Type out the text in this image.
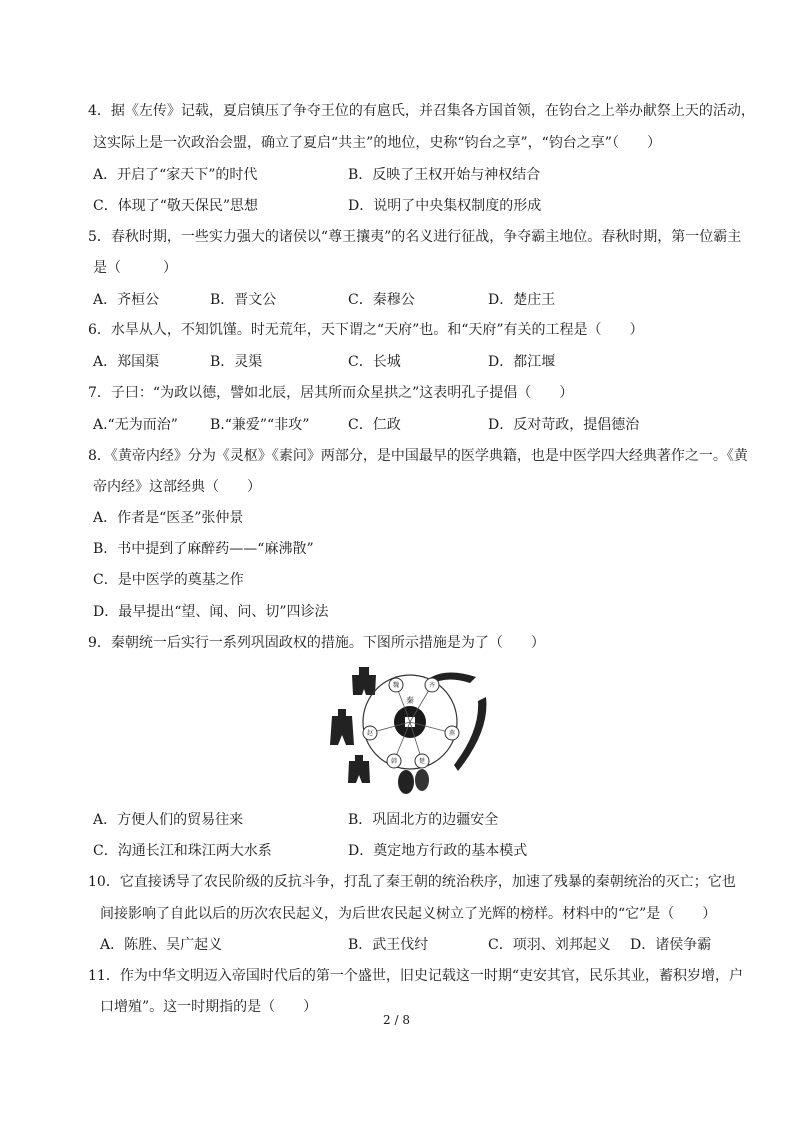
4．据《左传》记载，夏启镇压了争夺王位的有扈氏，并召集各方国首领，在钧台之上举办献祭上天的活动，
这实际上是一次政治会盟，确立了夏启“共主”的地位，史称“钧台之享”，“钧台之享”（　　）
A．开启了“家天下”的时代	B．反映了王权开始与神权结合
C．体现了“敬天保民”思想	D．说明了中央集权制度的形成
5．春秋时期，一些实力强大的诸侯以“尊王攘夷”的名义进行征战，争夺霸主地位。春秋时期，第一位霸主
是（　　　）
A．齐桓公	B．晋文公	C．秦穆公	D．楚庄王
6．水旱从人，不知饥馑。时无荒年，天下谓之“天府”也。和“天府”有关的工程是（　　）
A．郑国渠	B．灵渠	C．长城	D．都江堰
7．子曰：“为政以德，譬如北辰，居其所而众星拱之”这表明孔子提倡（　　）
A.“无为而治” B.“兼爱”“非攻”	C．仁政	D．反对苛政，提倡德治
8．《黄帝内经》分为《灵枢》《素问》两部分，是中国最早的医学典籍，也是中医学四大经典著作之一。《黄
帝内经》这部经典（　　）
A．作者是“医圣”张仲景
B．书中提到了麻醉药——“麻沸散”
C．是中医学的奠基之作
D．最早提出“望、闻、问、切”四诊法
9．秦朝统一后实行一系列巩固政权的措施。下图所示措施是为了（　　）
秦
魏	齐
燕
楚
韩
赵
A．方便人们的贸易往来	B．巩固北方的边疆安全
C．沟通长江和珠江两大水系	D．奠定地方行政的基本模式
10．它直接诱导了农民阶级的反抗斗争，打乱了秦王朝的统治秩序，加速了残暴的秦朝统治的灭亡；它也
间接影响了自此以后的历次农民起义，为后世农民起义树立了光辉的榜样。材料中的“它”是（　　）
A．陈胜、吴广起义	B．武王伐纣	C．项羽、刘邦起义 D．诸侯争霸
11．作为中华文明迈入帝国时代后的第一个盛世，旧史记载这一时期“吏安其官，民乐其业，蓄积岁增，户
口增殖”。这一时期指的是（　　）
2 / 8
